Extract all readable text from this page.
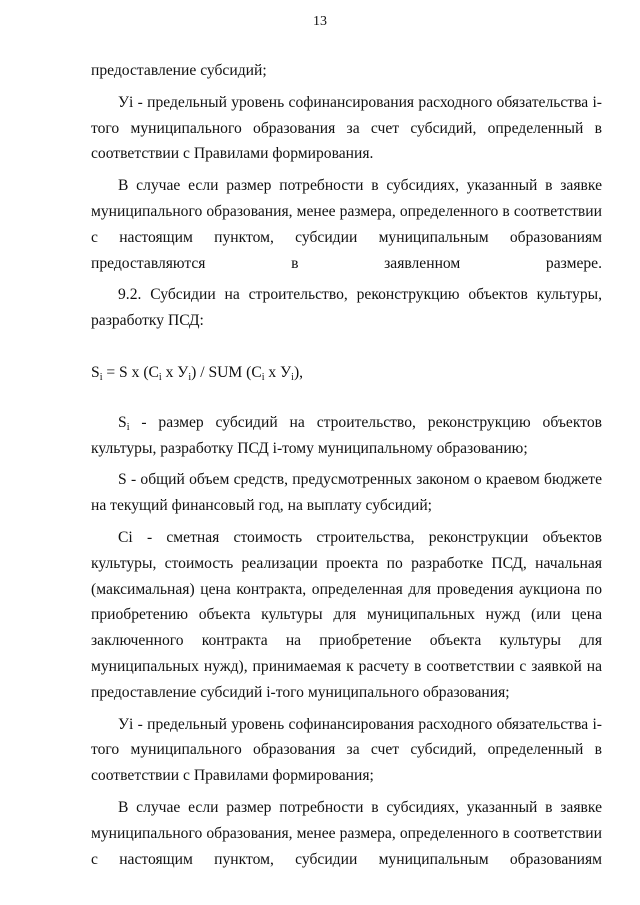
13

предоставление субсидий;

Уi - предельный уровень софинансирования расходного обязательства i-того муниципального образования за счет субсидий, определенный в соответствии с Правилами формирования.

В случае если размер потребности в субсидиях, указанный в заявке муниципального образования, менее размера, определенного в соответствии с настоящим пунктом, субсидии муниципальным образованиям предоставляются в заявленном размере.

9.2. Субсидии на строительство, реконструкцию объектов культуры, разработку ПСД:

$S_i = S$ x ($C_i$ x $У_i$) / SUM ($C_i$ x $У_i$),

$S_i$ - размер субсидий на строительство, реконструкцию объектов культуры, разработку ПСД i-тому муниципальному образованию;

S - общий объем средств, предусмотренных законом о краевом бюджете на текущий финансовый год, на выплату субсидий;

Ci - сметная стоимость строительства, реконструкции объектов культуры, стоимость реализации проекта по разработке ПСД, начальная (максимальная) цена контракта, определенная для проведения аукциона по приобретению объекта культуры для муниципальных нужд (или цена заключенного контракта на приобретение объекта культуры для муниципальных нужд), принимаемая к расчету в соответствии с заявкой на предоставление субсидий i-того муниципального образования;

Уi - предельный уровень софинансирования расходного обязательства i-того муниципального образования за счет субсидий, определенный в соответствии с Правилами формирования;

В случае если размер потребности в субсидиях, указанный в заявке муниципального образования, менее размера, определенного в соответствии с настоящим пунктом, субсидии муниципальным образованиям
